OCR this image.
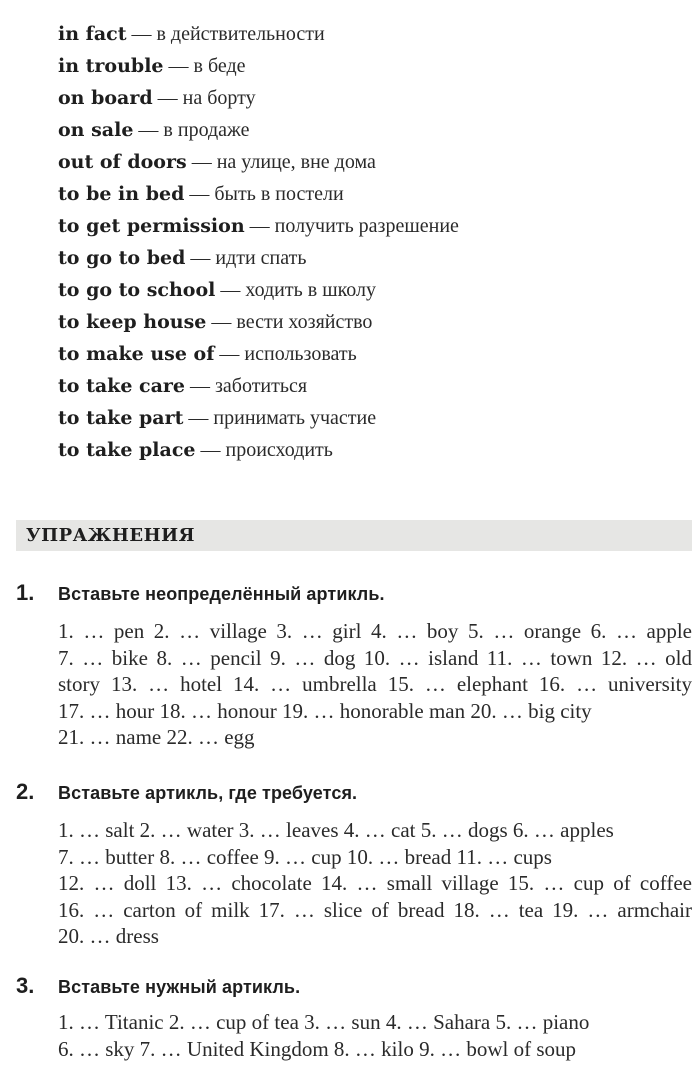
in fact — в действительности
in trouble — в беде
on board — на борту
on sale — в продаже
out of doors — на улице, вне дома
to be in bed — быть в постели
to get permission — получить разрешение
to go to bed — идти спать
to go to school — ходить в школу
to keep house — вести хозяйство
to make use of — использовать
to take care — заботиться
to take part — принимать участие
to take place — происходить
УПРАЖНЕНИЯ
1. Вставьте неопределённый артикль.
1. … pen 2. … village 3. … girl 4. … boy 5. … orange 6. … apple
7. … bike 8. … pencil 9. … dog 10. … island 11. … town 12. … old
story 13. … hotel 14. … umbrella 15. … elephant 16. … university
17. … hour 18. … honour 19. … honorable man 20. … big city
21. … name 22. … egg
2. Вставьте артикль, где требуется.
1. … salt 2. … water 3. … leaves 4. … cat 5. … dogs 6. … apples
7. … butter 8. … coffee 9. … cup 10. … bread 11. … cups
12. … doll 13. … chocolate 14. … small village 15. … cup of coffee
16. … carton of milk 17. … slice of bread 18. … tea 19. … armchair
20. … dress
3. Вставьте нужный артикль.
1. … Titanic 2. … cup of tea 3. … sun 4. … Sahara 5. … piano
6. … sky 7. … United Kingdom 8. … kilo 9. … bowl of soup
